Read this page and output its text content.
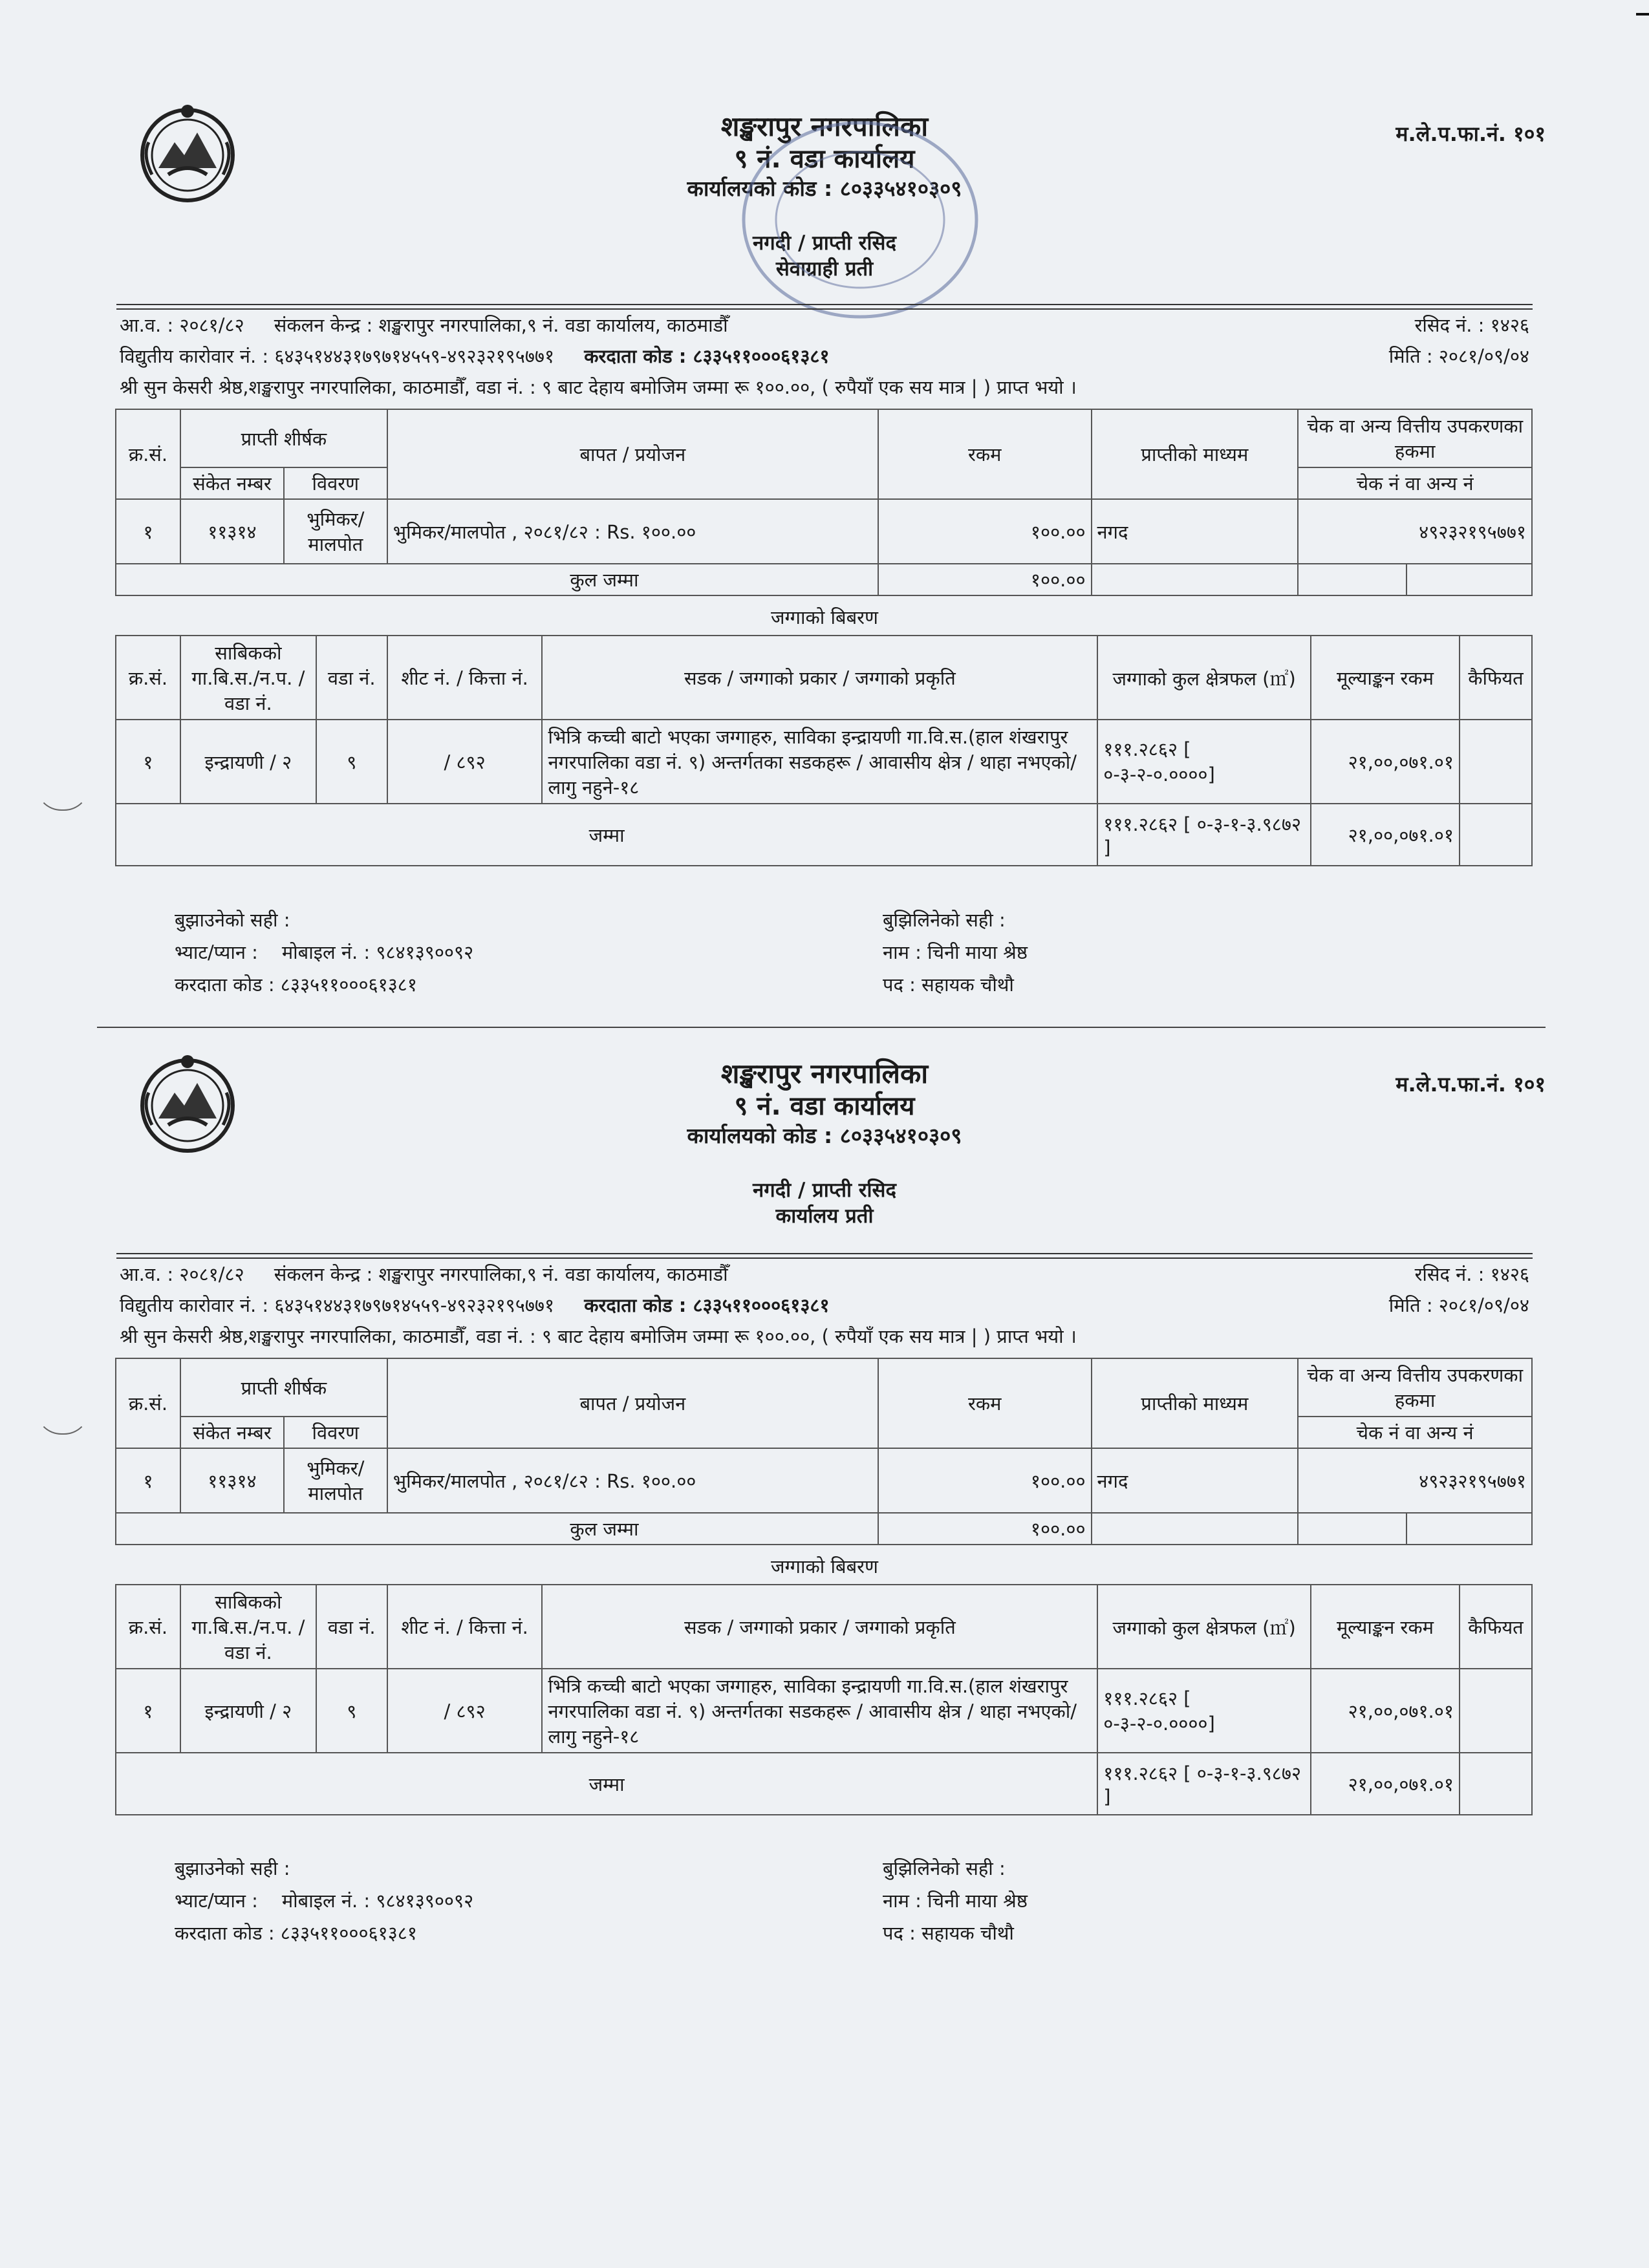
शङ्खरापुर नगरपालिका
९ नं. वडा कार्यालय
कार्यालयको कोड : ८०३३५४१०३०९
नगदी / प्राप्ती रसिद
सेवाग्राही प्रती
म.ले.प.फा.नं. १०१
आ.व. : २०८१/८२ संकलन केन्द्र : शङ्खरापुर नगरपालिका,९ नं. वडा कार्यालय, काठमाडौँ	रसिद नं. : १४२६
विद्युतीय कारोवार नं. : ६४३५१४४३१७९७१४५५९-४९२३२१९५७७१ करदाता कोड : ८३३५११०००६१३८१	मिति : २०८१/०९/०४
श्री सुन केसरी श्रेष्ठ,शङ्खरापुर नगरपालिका, काठमाडौँ, वडा नं. : ९ बाट देहाय बमोजिम जम्मा रू १००.००, ( रुपैयाँ एक सय मात्र | ) प्राप्त भयो ।
क्र.सं.	प्राप्ती शीर्षक		बापत / प्रयोजन	रकम	प्राप्तीको माध्यम	चेक वा अन्य वित्तीय उपकरणका हकमा	
	संकेत नम्बर	विवरण				चेक नं वा अन्य नं	
१	११३१४	भुमिकर/ मालपोत	भुमिकर/मालपोत , २०८१/८२ : Rs. १००.००	१००.००	नगद	४९२३२१९५७७१	
कुल जम्मा				१००.००			
जग्गाको बिबरण
क्र.सं.	साबिकको गा.बि.स./न.प. / वडा नं.	वडा नं.	शीट नं. / कित्ता नं.	सडक / जग्गाको प्रकार / जग्गाको प्रकृति	जग्गाको कुल क्षेत्रफल (㎡)	मूल्याङ्कन रकम	कैफियत
१	इन्द्रायणी / २	९	/ ८९२	भित्रि कच्ची बाटो भएका जग्गाहरु, साविका इन्द्रायणी गा.वि.स.(हाल शंखरापुर नगरपालिका वडा नं. ९) अन्तर्गतका सडकहरू / आवासीय क्षेत्र / थाहा नभएको/लागु नहुने-१८	१११.२८६२ [ ०-३-२-०.००००]	२१,००,०७१.०१	
जम्मा					१११.२८६२ [ ०-३-१-३.९८७२ ]	२१,००,०७१.०१	
बुझाउनेको सही :
भ्याट/प्यान : मोबाइल नं. : ९८४१३९००९२
करदाता कोड : ८३३५११०००६१३८१
बुझिलिनेको सही :
नाम : चिनी माया श्रेष्ठ
पद : सहायक चौथौ
शङ्खरापुर नगरपालिका
९ नं. वडा कार्यालय
कार्यालयको कोड : ८०३३५४१०३०९
नगदी / प्राप्ती रसिद
कार्यालय प्रती
म.ले.प.फा.नं. १०१
आ.व. : २०८१/८२ संकलन केन्द्र : शङ्खरापुर नगरपालिका,९ नं. वडा कार्यालय, काठमाडौँ	रसिद नं. : १४२६
विद्युतीय कारोवार नं. : ६४३५१४४३१७९७१४५५९-४९२३२१९५७७१ करदाता कोड : ८३३५११०००६१३८१	मिति : २०८१/०९/०४
श्री सुन केसरी श्रेष्ठ,शङ्खरापुर नगरपालिका, काठमाडौँ, वडा नं. : ९ बाट देहाय बमोजिम जम्मा रू १००.००, ( रुपैयाँ एक सय मात्र | ) प्राप्त भयो ।
क्र.सं.	प्राप्ती शीर्षक		बापत / प्रयोजन	रकम	प्राप्तीको माध्यम	चेक वा अन्य वित्तीय उपकरणका हकमा	
	संकेत नम्बर	विवरण				चेक नं वा अन्य नं	
१	११३१४	भुमिकर/ मालपोत	भुमिकर/मालपोत , २०८१/८२ : Rs. १००.००	१००.००	नगद	४९२३२१९५७७१	
कुल जम्मा				१००.००			
जग्गाको बिबरण
क्र.सं.	साबिकको गा.बि.स./न.प. / वडा नं.	वडा नं.	शीट नं. / कित्ता नं.	सडक / जग्गाको प्रकार / जग्गाको प्रकृति	जग्गाको कुल क्षेत्रफल (㎡)	मूल्याङ्कन रकम	कैफियत
१	इन्द्रायणी / २	९	/ ८९२	भित्रि कच्ची बाटो भएका जग्गाहरु, साविका इन्द्रायणी गा.वि.स.(हाल शंखरापुर नगरपालिका वडा नं. ९) अन्तर्गतका सडकहरू / आवासीय क्षेत्र / थाहा नभएको/लागु नहुने-१८	१११.२८६२ [ ०-३-२-०.००००]	२१,००,०७१.०१	
जम्मा					१११.२८६२ [ ०-३-१-३.९८७२ ]	२१,००,०७१.०१	
बुझाउनेको सही :
भ्याट/प्यान : मोबाइल नं. : ९८४१३९००९२
करदाता कोड : ८३३५११०००६१३८१
बुझिलिनेको सही :
नाम : चिनी माया श्रेष्ठ
पद : सहायक चौथौ
